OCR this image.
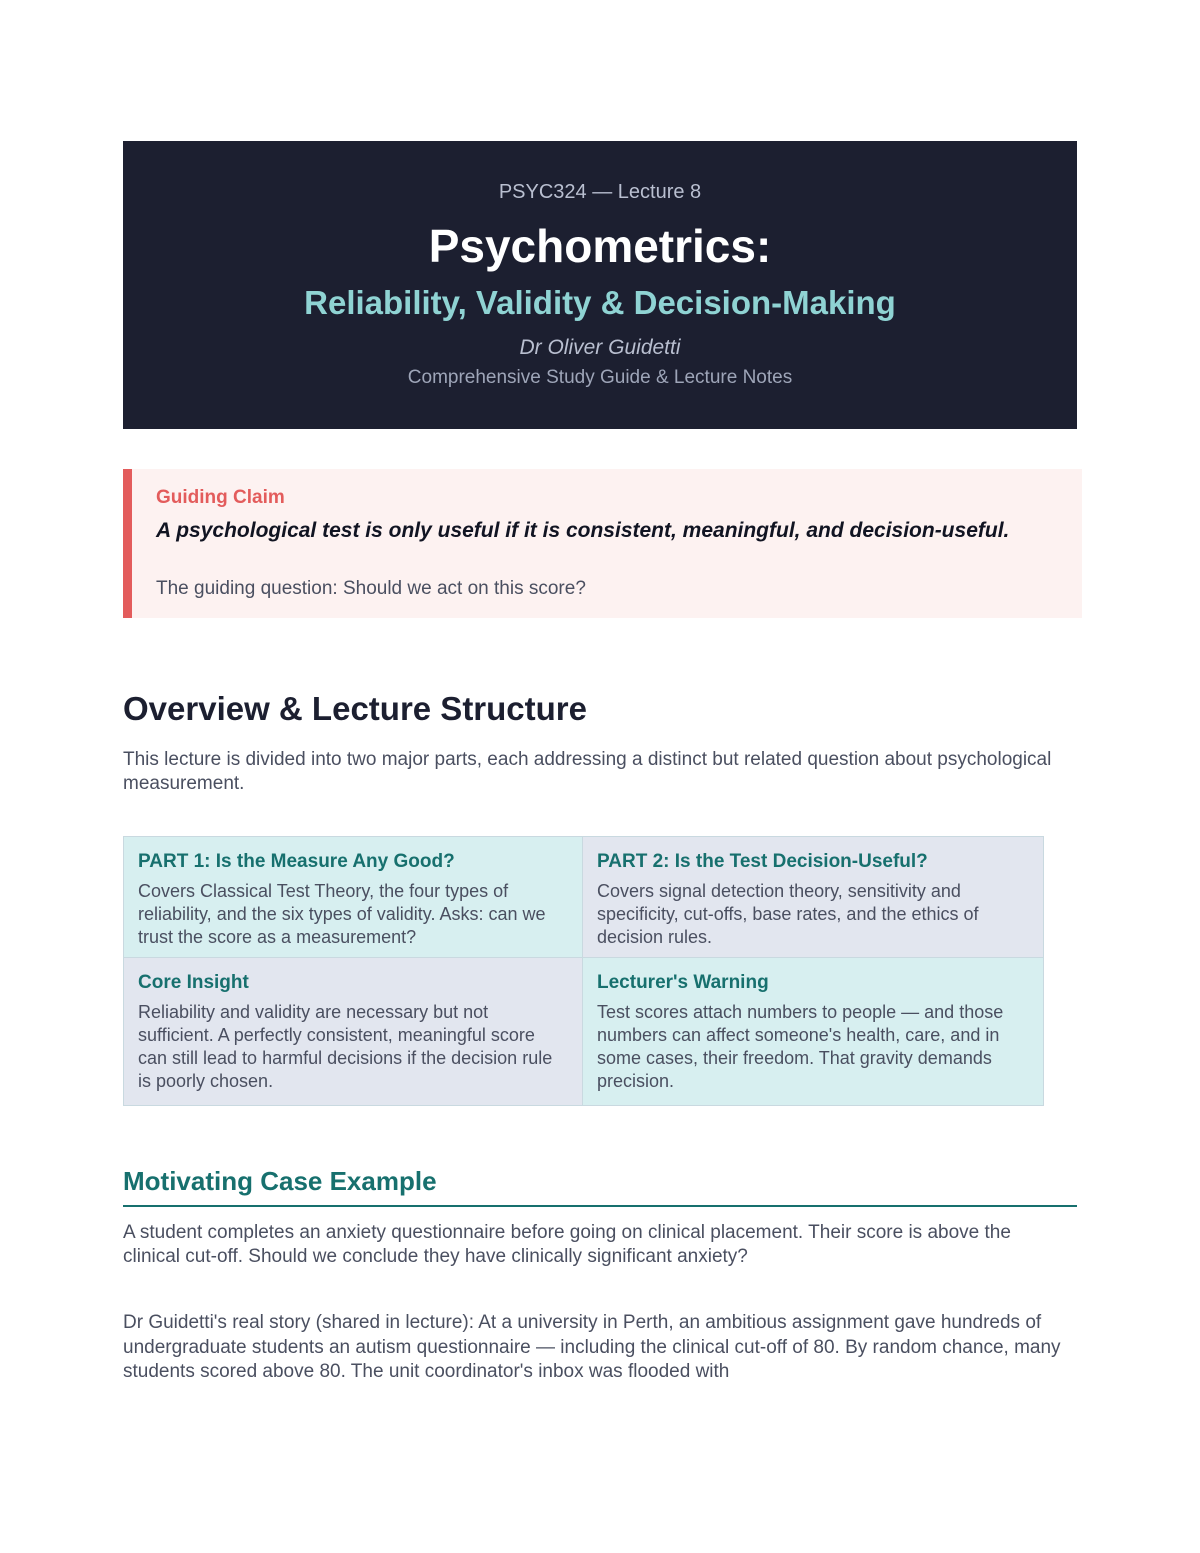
PSYC324 — Lecture 8
Psychometrics:
Reliability, Validity & Decision-Making
Dr Oliver Guidetti
Comprehensive Study Guide & Lecture Notes
Guiding Claim
A psychological test is only useful if it is consistent, meaningful, and decision-useful.
The guiding question: Should we act on this score?
Overview & Lecture Structure
This lecture is divided into two major parts, each addressing a distinct but related question about psychological measurement.
PART 1: Is the Measure Any Good?
Covers Classical Test Theory, the four types of reliability, and the six types of validity. Asks: can we trust the score as a measurement?
PART 2: Is the Test Decision-Useful?
Covers signal detection theory, sensitivity and specificity, cut-offs, base rates, and the ethics of decision rules.
Core Insight
Reliability and validity are necessary but not sufficient. A perfectly consistent, meaningful score can still lead to harmful decisions if the decision rule is poorly chosen.
Lecturer's Warning
Test scores attach numbers to people — and those numbers can affect someone's health, care, and in some cases, their freedom. That gravity demands precision.
Motivating Case Example
A student completes an anxiety questionnaire before going on clinical placement. Their score is above the clinical cut-off. Should we conclude they have clinically significant anxiety?
Dr Guidetti's real story (shared in lecture): At a university in Perth, an ambitious assignment gave hundreds of undergraduate students an autism questionnaire — including the clinical cut-off of 80. By random chance, many students scored above 80. The unit coordinator's inbox was flooded with
